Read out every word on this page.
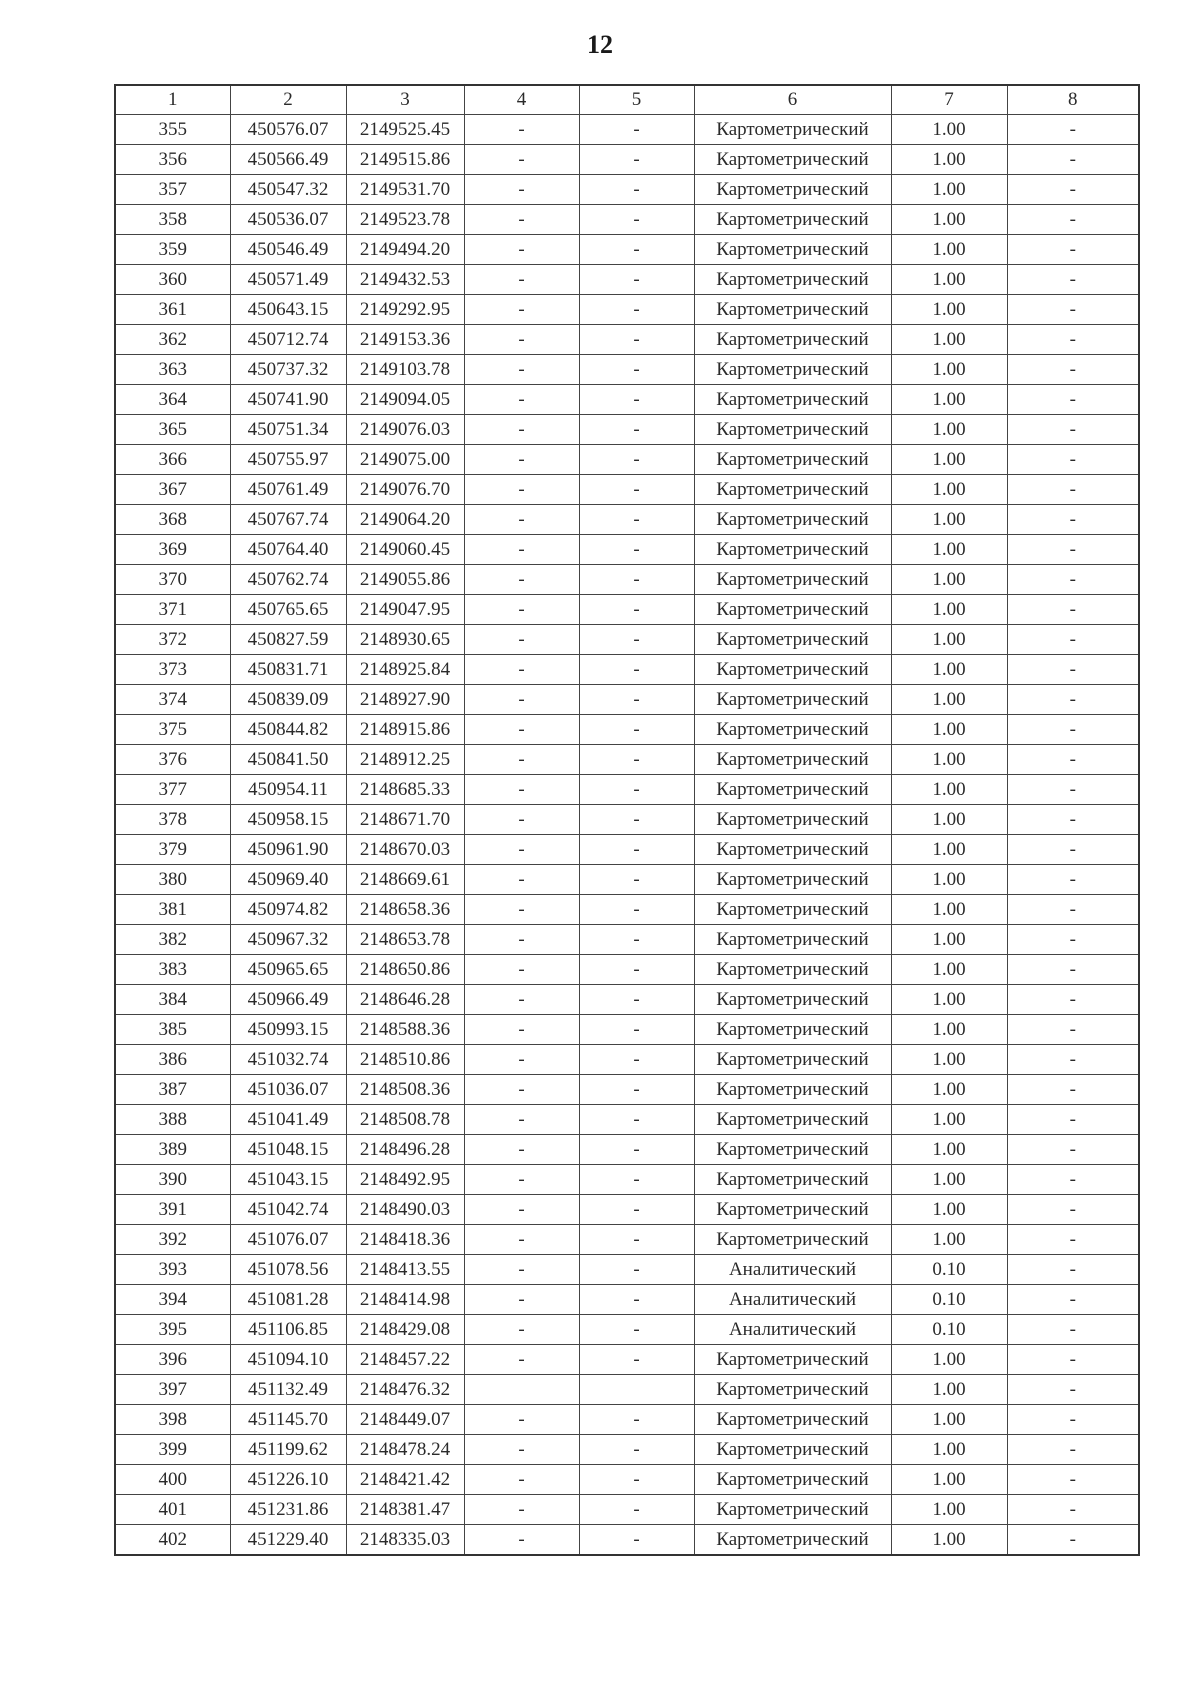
12
1	2	3	4	5	6	7	8
355	450576.07	2149525.45	-	-	Картометрический	1.00	-
356	450566.49	2149515.86	-	-	Картометрический	1.00	-
357	450547.32	2149531.70	-	-	Картометрический	1.00	-
358	450536.07	2149523.78	-	-	Картометрический	1.00	-
359	450546.49	2149494.20	-	-	Картометрический	1.00	-
360	450571.49	2149432.53	-	-	Картометрический	1.00	-
361	450643.15	2149292.95	-	-	Картометрический	1.00	-
362	450712.74	2149153.36	-	-	Картометрический	1.00	-
363	450737.32	2149103.78	-	-	Картометрический	1.00	-
364	450741.90	2149094.05	-	-	Картометрический	1.00	-
365	450751.34	2149076.03	-	-	Картометрический	1.00	-
366	450755.97	2149075.00	-	-	Картометрический	1.00	-
367	450761.49	2149076.70	-	-	Картометрический	1.00	-
368	450767.74	2149064.20	-	-	Картометрический	1.00	-
369	450764.40	2149060.45	-	-	Картометрический	1.00	-
370	450762.74	2149055.86	-	-	Картометрический	1.00	-
371	450765.65	2149047.95	-	-	Картометрический	1.00	-
372	450827.59	2148930.65	-	-	Картометрический	1.00	-
373	450831.71	2148925.84	-	-	Картометрический	1.00	-
374	450839.09	2148927.90	-	-	Картометрический	1.00	-
375	450844.82	2148915.86	-	-	Картометрический	1.00	-
376	450841.50	2148912.25	-	-	Картометрический	1.00	-
377	450954.11	2148685.33	-	-	Картометрический	1.00	-
378	450958.15	2148671.70	-	-	Картометрический	1.00	-
379	450961.90	2148670.03	-	-	Картометрический	1.00	-
380	450969.40	2148669.61	-	-	Картометрический	1.00	-
381	450974.82	2148658.36	-	-	Картометрический	1.00	-
382	450967.32	2148653.78	-	-	Картометрический	1.00	-
383	450965.65	2148650.86	-	-	Картометрический	1.00	-
384	450966.49	2148646.28	-	-	Картометрический	1.00	-
385	450993.15	2148588.36	-	-	Картометрический	1.00	-
386	451032.74	2148510.86	-	-	Картометрический	1.00	-
387	451036.07	2148508.36	-	-	Картометрический	1.00	-
388	451041.49	2148508.78	-	-	Картометрический	1.00	-
389	451048.15	2148496.28	-	-	Картометрический	1.00	-
390	451043.15	2148492.95	-	-	Картометрический	1.00	-
391	451042.74	2148490.03	-	-	Картометрический	1.00	-
392	451076.07	2148418.36	-	-	Картометрический	1.00	-
393	451078.56	2148413.55	-	-	Аналитический	0.10	-
394	451081.28	2148414.98	-	-	Аналитический	0.10	-
395	451106.85	2148429.08	-	-	Аналитический	0.10	-
396	451094.10	2148457.22	-	-	Картометрический	1.00	-
397	451132.49	2148476.32			Картометрический	1.00	-
398	451145.70	2148449.07	-	-	Картометрический	1.00	-
399	451199.62	2148478.24	-	-	Картометрический	1.00	-
400	451226.10	2148421.42	-	-	Картометрический	1.00	-
401	451231.86	2148381.47	-	-	Картометрический	1.00	-
402	451229.40	2148335.03	-	-	Картометрический	1.00	-
